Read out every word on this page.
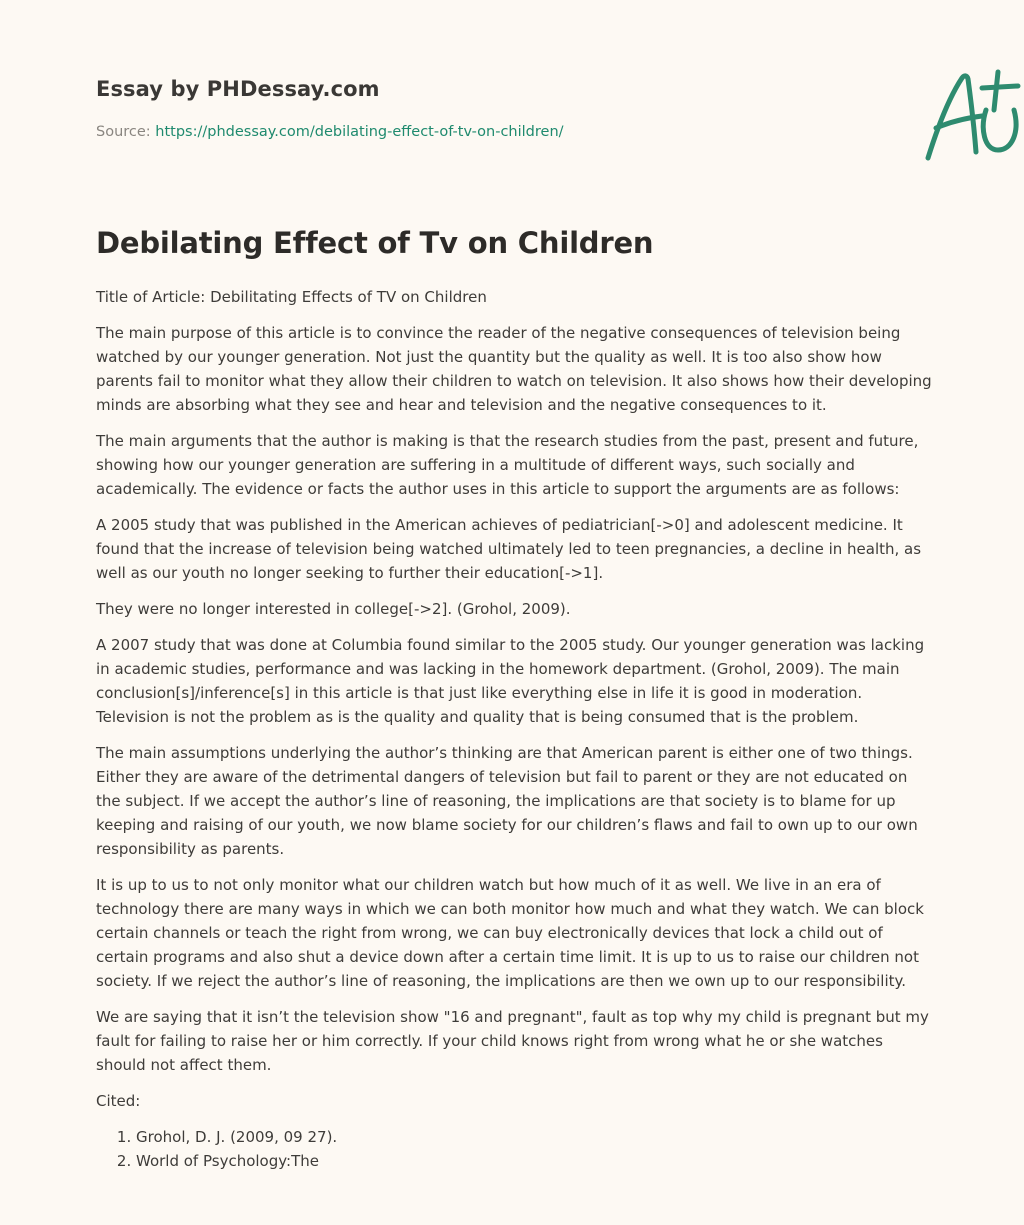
Essay by PHDessay.com
Source: https://phdessay.com/debilating-effect-of-tv-on-children/
Debilating Effect of Tv on Children

Title of Article: Debilitating Effects of TV on Children

The main purpose of this article is to convince the reader of the negative consequences of television being watched by our younger generation. Not just the quantity but the quality as well. It is too also show how parents fail to monitor what they allow their children to watch on television. It also shows how their developing minds are absorbing what they see and hear and television and the negative consequences to it.

The main arguments that the author is making is that the research studies from the past, present and future, showing how our younger generation are suffering in a multitude of different ways, such socially and academically. The evidence or facts the author uses in this article to support the arguments are as follows:

A 2005 study that was published in the American achieves of pediatrician[->0] and adolescent medicine. It found that the increase of television being watched ultimately led to teen pregnancies, a decline in health, as well as our youth no longer seeking to further their education[->1].

They were no longer interested in college[->2]. (Grohol, 2009).

A 2007 study that was done at Columbia found similar to the 2005 study. Our younger generation was lacking in academic studies, performance and was lacking in the homework department. (Grohol, 2009). The main conclusion[s]/inference[s] in this article is that just like everything else in life it is good in moderation. Television is not the problem as is the quality and quality that is being consumed that is the problem.

The main assumptions underlying the author’s thinking are that American parent is either one of two things. Either they are aware of the detrimental dangers of television but fail to parent or they are not educated on the subject. If we accept the author’s line of reasoning, the implications are that society is to blame for up keeping and raising of our youth, we now blame society for our children’s flaws and fail to own up to our own responsibility as parents.

It is up to us to not only monitor what our children watch but how much of it as well. We live in an era of technology there are many ways in which we can both monitor how much and what they watch. We can block certain channels or teach the right from wrong, we can buy electronically devices that lock a child out of certain programs and also shut a device down after a certain time limit. It is up to us to raise our children not society. If we reject the author’s line of reasoning, the implications are then we own up to our responsibility.

We are saying that it isn’t the television show "16 and pregnant", fault as top why my child is pregnant but my fault for failing to raise her or him correctly. If your child knows right from wrong what he or she watches should not affect them.

Cited:

1. Grohol, D. J. (2009, 09 27).
2. World of Psychology:The
